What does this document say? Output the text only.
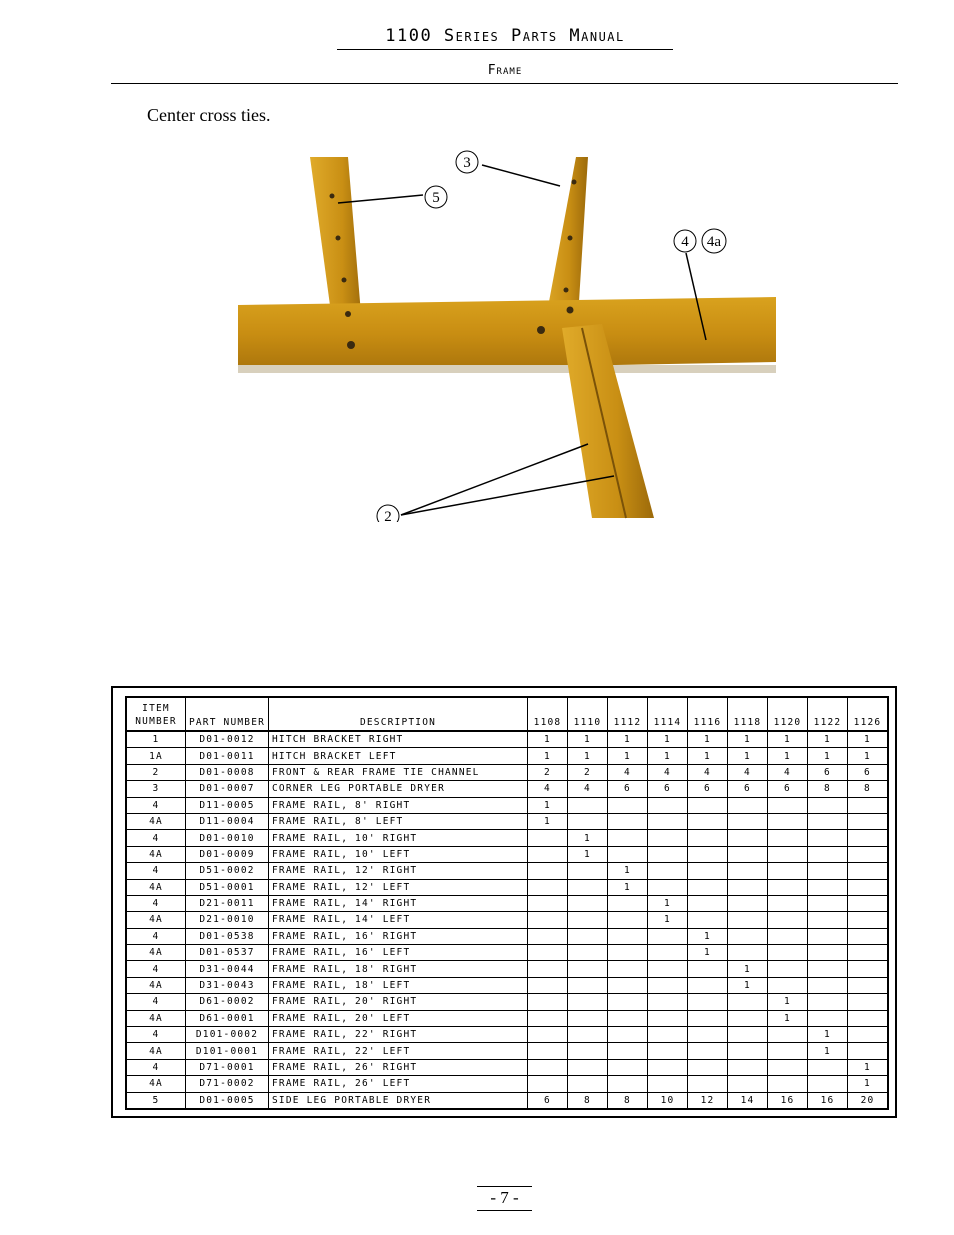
1100 Series Parts Manual
Frame
Center cross ties.
3
5
4 4a
2
ITEM NUMBER	PART NUMBER	DESCRIPTION	1108	1110	1112	1114	1116	1118	1120	1122	1126
1	D01-0012	HITCH BRACKET RIGHT	1	1	1	1	1	1	1	1	1
1A	D01-0011	HITCH BRACKET LEFT	1	1	1	1	1	1	1	1	1
2	D01-0008	FRONT & REAR FRAME TIE CHANNEL	2	2	4	4	4	4	4	6	6
3	D01-0007	CORNER LEG PORTABLE DRYER	4	4	6	6	6	6	6	8	8
4	D11-0005	FRAME RAIL, 8' RIGHT	1								
4A	D11-0004	FRAME RAIL, 8' LEFT	1								
4	D01-0010	FRAME RAIL, 10' RIGHT		1							
4A	D01-0009	FRAME RAIL, 10' LEFT		1							
4	D51-0002	FRAME RAIL, 12' RIGHT			1						
4A	D51-0001	FRAME RAIL, 12' LEFT			1						
4	D21-0011	FRAME RAIL, 14' RIGHT				1					
4A	D21-0010	FRAME RAIL, 14' LEFT				1					
4	D01-0538	FRAME RAIL, 16' RIGHT					1				
4A	D01-0537	FRAME RAIL, 16' LEFT					1				
4	D31-0044	FRAME RAIL, 18' RIGHT						1			
4A	D31-0043	FRAME RAIL, 18' LEFT						1			
4	D61-0002	FRAME RAIL, 20' RIGHT							1		
4A	D61-0001	FRAME RAIL, 20' LEFT							1		
4	D101-0002	FRAME RAIL, 22' RIGHT								1	
4A	D101-0001	FRAME RAIL, 22' LEFT								1	
4	D71-0001	FRAME RAIL, 26' RIGHT									1
4A	D71-0002	FRAME RAIL, 26' LEFT									1
5	D01-0005	SIDE LEG PORTABLE DRYER	6	8	8	10	12	14	16	16	20
- 7 -
